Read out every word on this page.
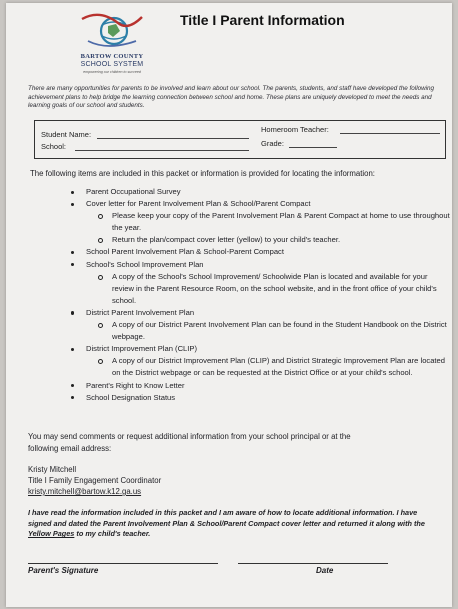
BARTOW COUNTY
SCHOOL SYSTEM
empowering our children to succeed
Title I Parent Information
There are many opportunities for parents to be involved and learn about our school. The parents, students, and staff have developed the following achievement plans to help bridge the learning connection between school and home. These plans are uniquely developed to meet the needs and learning goals of our school and students.
Student Name:
Homeroom Teacher:
School:	Grade:
The following items are included in this packet or information is provided for locating the information:
Parent Occupational Survey
Cover letter for Parent Involvement Plan & School/Parent Compact
Please keep your copy of the Parent Involvement Plan & Parent Compact at home to use throughout the year.
Return the plan/compact cover letter (yellow) to your child's teacher.
School Parent Involvement Plan & School-Parent Compact
School's School Improvement Plan
A copy of the School's School Improvement/ Schoolwide Plan is located and available for your review in the Parent Resource Room, on the school website, and in the front office of your child's school.
District Parent Involvement Plan
A copy of our District Parent Involvement Plan can be found in the Student Handbook on the District webpage.
District Improvement Plan (CLIP)
A copy of our District Improvement Plan (CLIP) and District Strategic Improvement Plan are located on the District webpage or can be requested at the District Office or at your child's school.
Parent's Right to Know Letter
School Designation Status
You may send comments or request additional information from your school principal or at the
following email address:
Kristy Mitchell
Title I Family Engagement Coordinator
kristy.mitchell@bartow.k12.ga.us
I have read the information included in this packet and I am aware of how to locate additional information. I have signed and dated the Parent Involvement Plan & School/Parent Compact cover letter and returned it along with the Yellow Pages to my child's teacher.
Parent's Signature	Date
